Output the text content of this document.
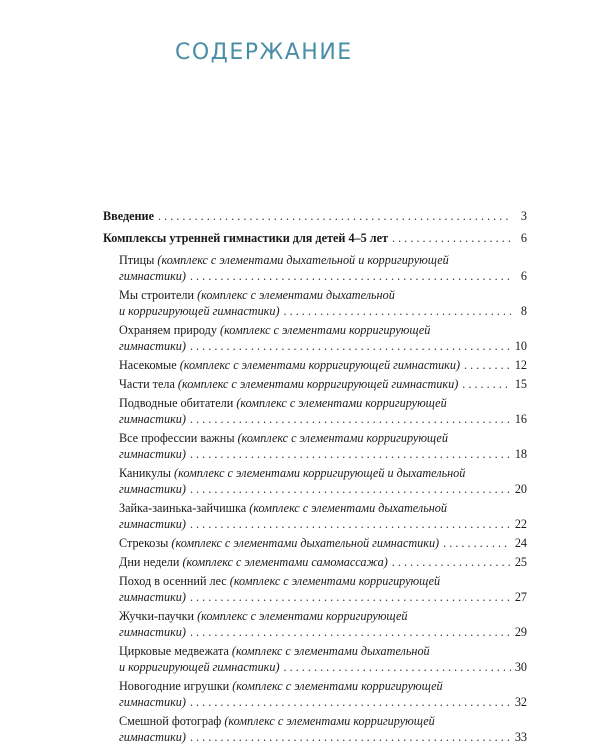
СОДЕРЖАНИЕ
Введение . . .	3
Комплексы утренней гимнастики для детей 4–5 лет . . .	6
Птицы (комплекс с элементами дыхательной и корригирующей
гимнастики) . . .	6
Мы строители (комплекс с элементами дыхательной
и корригирующей гимнастики) . . .	8
Охраняем природу (комплекс с элементами корригирующей
гимнастики) . . .	10
Насекомые
(комплекс с элементами корригирующей гимнастики) . . .	12
Части тела
(комплекс с элементами корригирующей гимнастики) . . .	15
Подводные обитатели (комплекс с элементами корригирующей
гимнастики) . . .	16
Все профессии важны (комплекс с элементами корригирующей
гимнастики) . . .	18
Каникулы (комплекс с элементами корригирующей и дыхательной
гимнастики) . . .	20
Зайка-заинька-зайчишка (комплекс с элементами дыхательной
гимнастики) . . .	22
Стрекозы
(комплекс с элементами дыхательной гимнастики) . . .	24
Дни недели
(комплекс с элементами самомассажа) . . .	25
Поход в осенний лес (комплекс с элементами корригирующей
гимнастики) . . .	27
Жучки-паучки (комплекс с элементами корригирующей
гимнастики) . . .	29
Цирковые медвежата (комплекс с элементами дыхательной
и корригирующей гимнастики) . . .	30
Новогодние игрушки (комплекс с элементами корригирующей
гимнастики) . . .	32
Смешной фотограф (комплекс с элементами корригирующей
гимнастики) . . .	33
